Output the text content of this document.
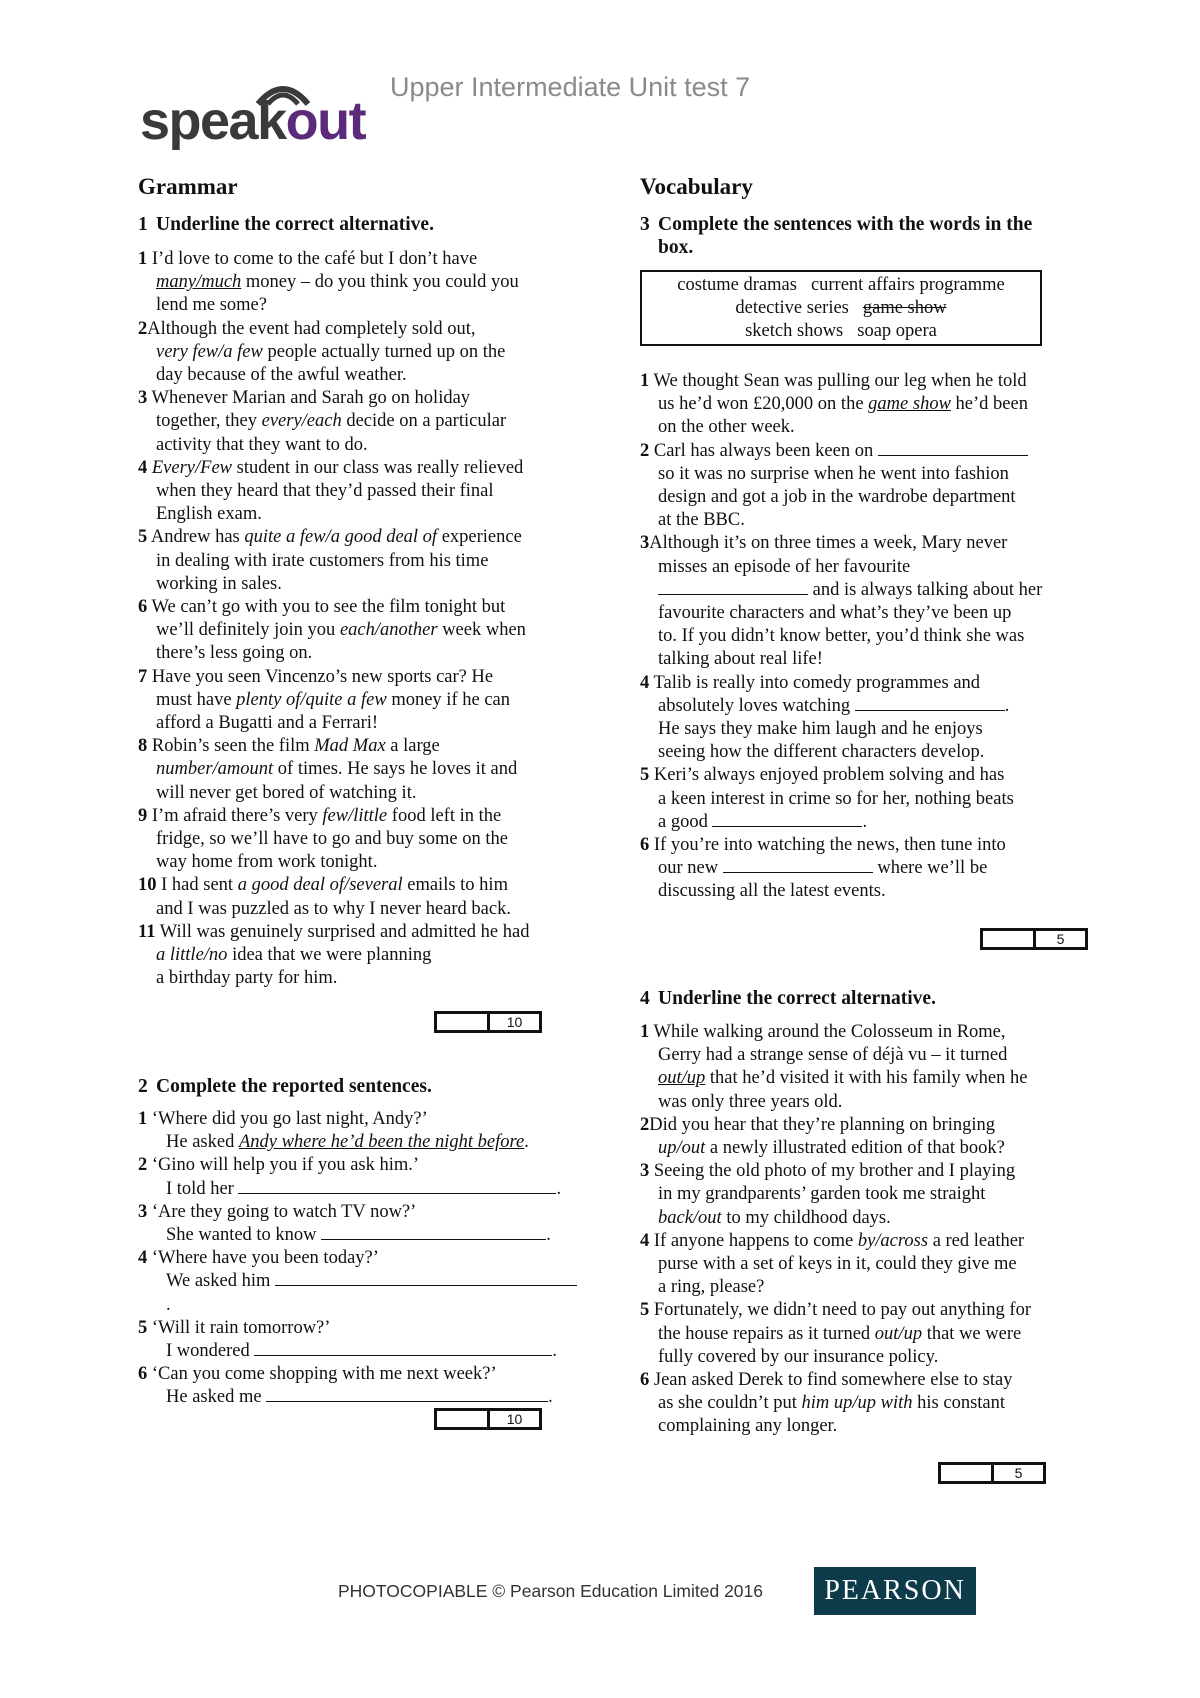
speakout
Upper Intermediate Unit test 7
Grammar
1 Underline the correct alternative.
1 I’d love to come to the café but I don’t have
many/much money – do you think you could you
lend me some?
2Although the event had completely sold out,
very few/a few people actually turned up on the
day because of the awful weather.
3 Whenever Marian and Sarah go on holiday
together, they every/each decide on a particular
activity that they want to do.
4 Every/Few student in our class was really relieved
when they heard that they’d passed their final
English exam.
5 Andrew has quite a few/a good deal of experience
in dealing with irate customers from his time
working in sales.
6 We can’t go with you to see the film tonight but
we’ll definitely join you each/another week when
there’s less going on.
7 Have you seen Vincenzo’s new sports car? He
must have plenty of/quite a few money if he can
afford a Bugatti and a Ferrari!
8 Robin’s seen the film Mad Max a large
number/amount of times. He says he loves it and
will never get bored of watching it.
9 I’m afraid there’s very few/little food left in the
fridge, so we’ll have to go and buy some on the
way home from work tonight.
10 I had sent a good deal of/several emails to him
and I was puzzled as to why I never heard back.
11 Will was genuinely surprised and admitted he had
a little/no idea that we were planning
a birthday party for him.
10
2 Complete the reported sentences.
1 ‘Where did you go last night, Andy?’
He asked Andy where he’d been the night before.
2 ‘Gino will help you if you ask him.’
I told her	.
3 ‘Are they going to watch TV now?’
She wanted to know	.
4 ‘Where have you been today?’
We asked him .
5 ‘Will it rain tomorrow?’
I wondered	.
6 ‘Can you come shopping with me next week?’
He asked me	.
10
Vocabulary
3 Complete the sentences with the words in the
box.
costume dramas current affairs programme
detective series game show
sketch shows soap opera
1 We thought Sean was pulling our leg when he told
us he’d won £20,000 on the game show he’d been
on the other week.
2 Carl has always been keen on
so it was no surprise when he went into fashion
design and got a job in the wardrobe department
at the BBC.
3Although it’s on three times a week, Mary never
misses an episode of her favourite
and is always talking about her
favourite characters and what’s they’ve been up
to. If you didn’t know better, you’d think she was
talking about real life!
4 Talib is really into comedy programmes and
absolutely loves watching	.
He says they make him laugh and he enjoys
seeing how the different characters develop.
5 Keri’s always enjoyed problem solving and has
a keen interest in crime so for her, nothing beats
a good	.
6 If you’re into watching the news, then tune into
our new	where we’ll be
discussing all the latest events.
5
4 Underline the correct alternative.
1 While walking around the Colosseum in Rome,
Gerry had a strange sense of déjà vu – it turned
out/up that he’d visited it with his family when he
was only three years old.
2Did you hear that they’re planning on bringing
up/out a newly illustrated edition of that book?
3 Seeing the old photo of my brother and I playing
in my grandparents’ garden took me straight
back/out to my childhood days.
4 If anyone happens to come by/across a red leather
purse with a set of keys in it, could they give me
a ring, please?
5 Fortunately, we didn’t need to pay out anything for
the house repairs as it turned out/up that we were
fully covered by our insurance policy.
6 Jean asked Derek to find somewhere else to stay
as she couldn’t put him up/up with his constant
complaining any longer.
5
PHOTOCOPIABLE © Pearson Education Limited 2016	PEARSON
